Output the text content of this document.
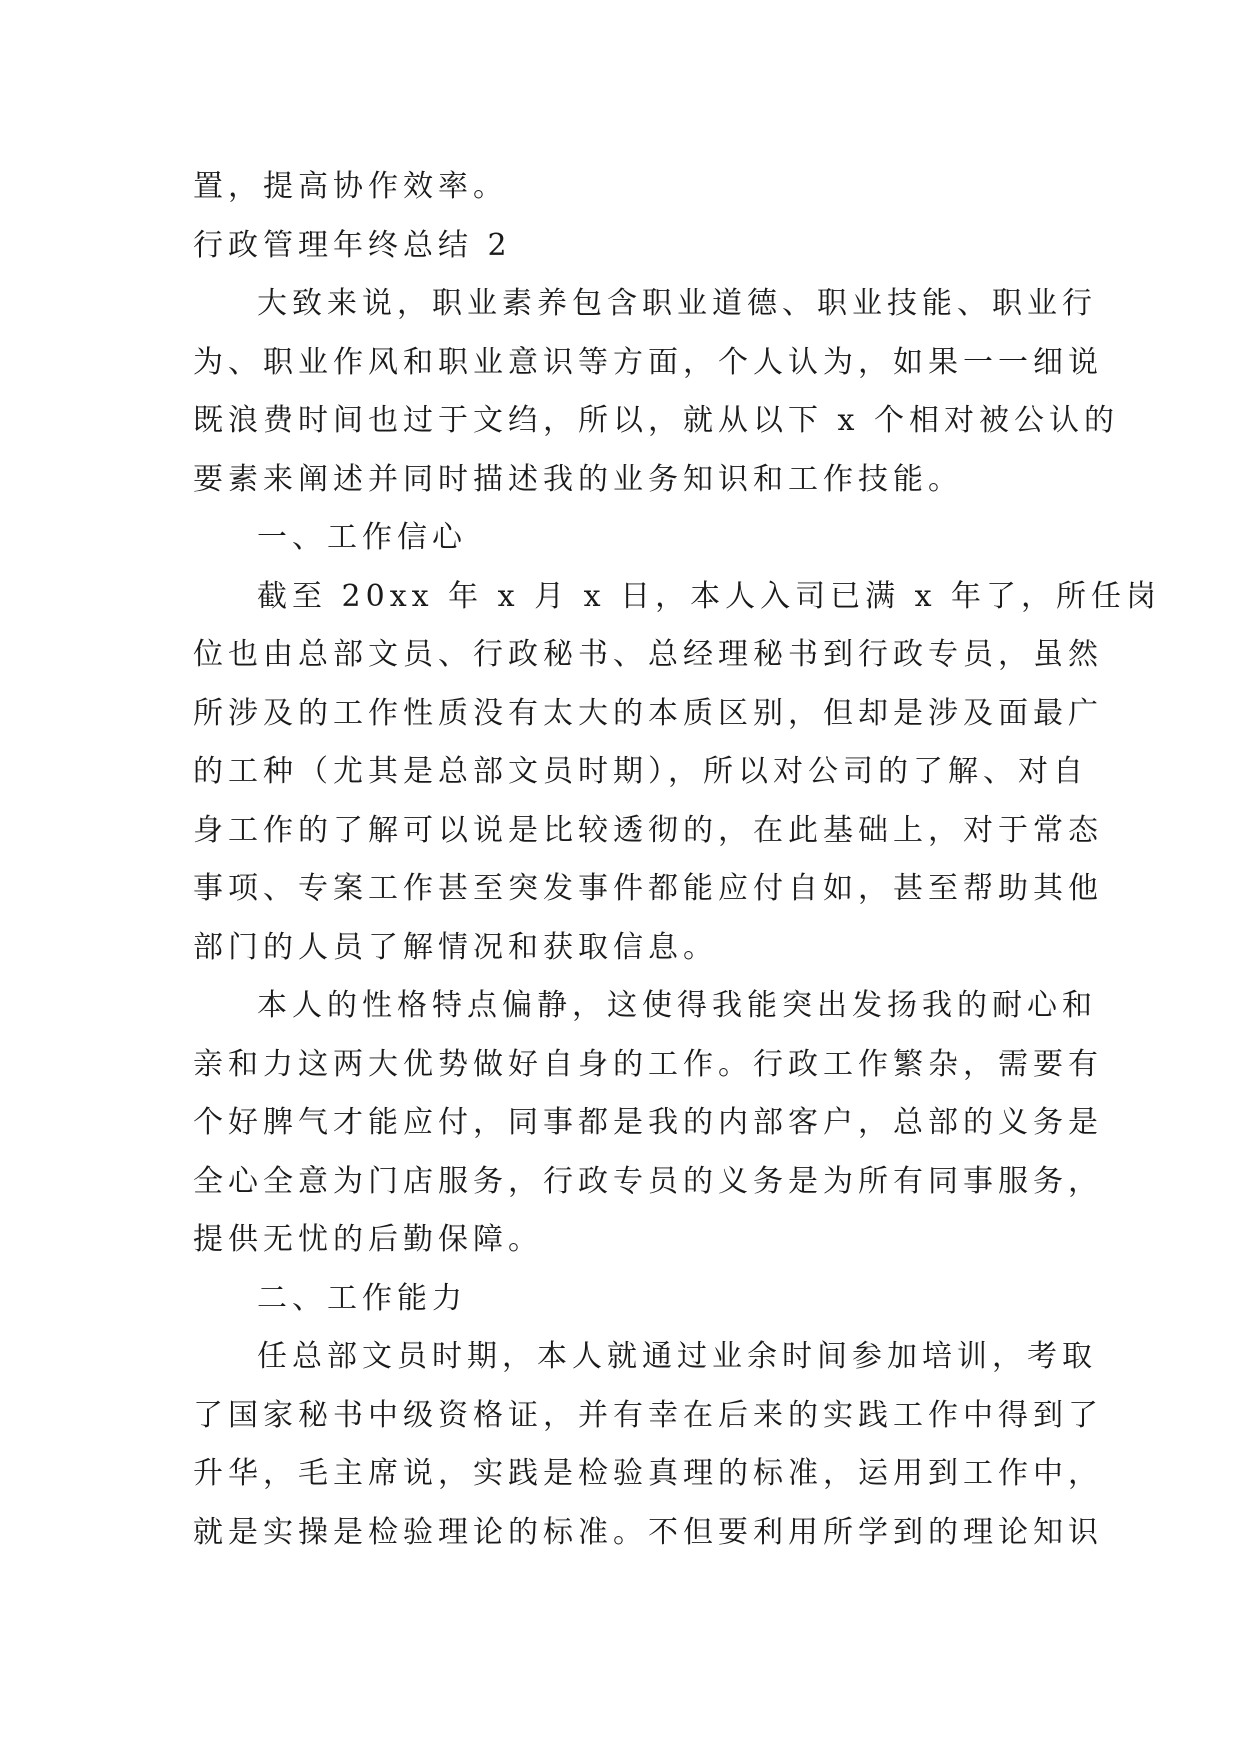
置，提高协作效率。
行政管理年终总结 2
大致来说，职业素养包含职业道德、职业技能、职业行
为、职业作风和职业意识等方面，个人认为，如果一一细说
既浪费时间也过于文绉，所以，就从以下 x 个相对被公认的
要素来阐述并同时描述我的业务知识和工作技能。
一、工作信心
截至 20xx 年 x 月 x 日，本人入司已满 x 年了，所任岗
位也由总部文员、行政秘书、总经理秘书到行政专员，虽然
所涉及的工作性质没有太大的本质区别，但却是涉及面最广
的工种（尤其是总部文员时期），所以对公司的了解、对自
身工作的了解可以说是比较透彻的，在此基础上，对于常态
事项、专案工作甚至突发事件都能应付自如，甚至帮助其他
部门的人员了解情况和获取信息。
本人的性格特点偏静，这使得我能突出发扬我的耐心和
亲和力这两大优势做好自身的工作。行政工作繁杂，需要有
个好脾气才能应付，同事都是我的内部客户，总部的义务是
全心全意为门店服务，行政专员的义务是为所有同事服务，
提供无忧的后勤保障。
二、工作能力
任总部文员时期，本人就通过业余时间参加培训，考取
了国家秘书中级资格证，并有幸在后来的实践工作中得到了
升华，毛主席说，实践是检验真理的标准，运用到工作中，
就是实操是检验理论的标准。不但要利用所学到的理论知识
